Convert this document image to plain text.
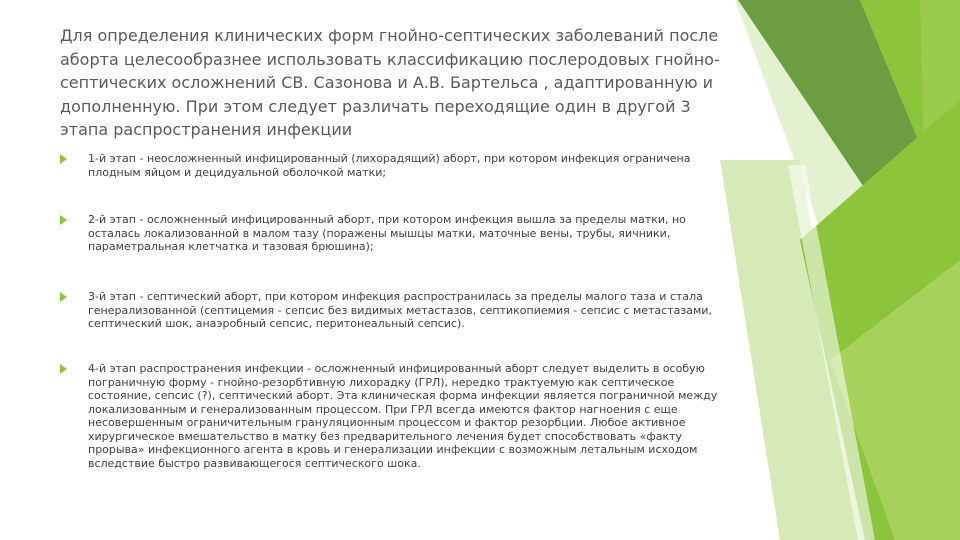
Для определения клинических форм гнойно-септических заболеваний после аборта целесообразнее использовать классификацию послеродовых гнойно-септических осложнений СВ. Сазонова и А.В. Бартельса , адаптированную и дополненную. При этом следует различать переходящие один в другой 3 этапа распространения инфекции
1-й этап - неосложненный инфицированный (лихорадящий) аборт, при котором инфекция ограничена плодным яйцом и децидуальной оболочкой матки;
2-й этап - осложненный инфицированный аборт, при котором инфекция вышла за пределы матки, но осталась локализованной в малом тазу (поражены мышцы матки, маточные вены, трубы, яичники, параметральная клетчатка и тазовая брюшина);
3-й этап - септический аборт, при котором инфекция распространилась за пределы малого таза и стала генерализованной (септицемия - сепсис без видимых метастазов, септикопиемия - сепсис с метастазами, септический шок, анаэробный сепсис, перитонеальный сепсис).
4-й этап распространения инфекции - осложненный инфицированный аборт следует выделить в особую пограничную форму - гнойно-резорбтивную лихорадку (ГРЛ), нередко трактуемую как септическое состояние, сепсис (?), септический аборт. Эта клиническая форма инфекции является пограничной между локализованным и генерализованным процессом. При ГРЛ всегда имеются фактор нагноения с еще несовершенным ограничительным грануляционным процессом и фактор резорбции. Любое активное хирургическое вмешательство в матку без предварительного лечения будет способствовать «факту прорыва» инфекционного агента в кровь и генерализации инфекции с возможным летальным исходом вследствие быстро развивающегося септического шока.
